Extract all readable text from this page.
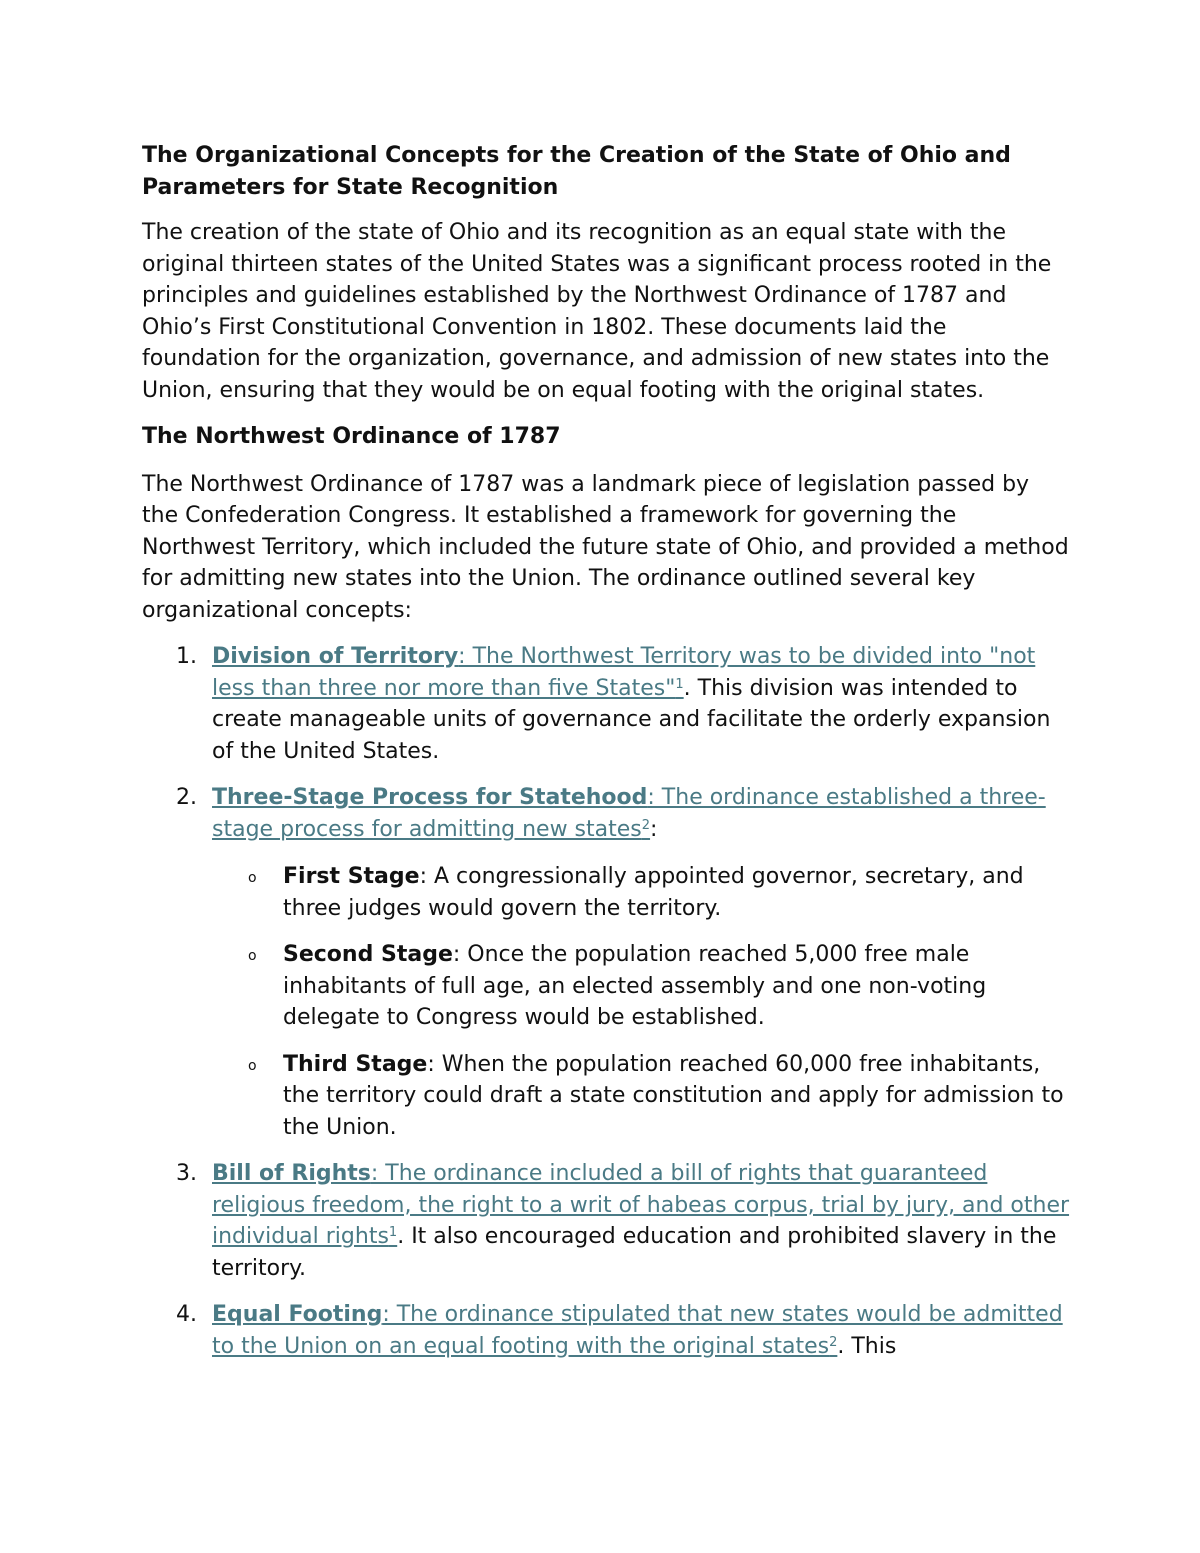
The Organizational Concepts for the Creation of the State of Ohio and Parameters for State Recognition

The creation of the state of Ohio and its recognition as an equal state with the original thirteen states of the United States was a significant process rooted in the principles and guidelines established by the Northwest Ordinance of 1787 and Ohio’s First Constitutional Convention in 1802. These documents laid the foundation for the organization, governance, and admission of new states into the Union, ensuring that they would be on equal footing with the original states.

The Northwest Ordinance of 1787

The Northwest Ordinance of 1787 was a landmark piece of legislation passed by the Confederation Congress. It established a framework for governing the Northwest Territory, which included the future state of Ohio, and provided a method for admitting new states into the Union. The ordinance outlined several key organizational concepts:

1. Division of Territory: The Northwest Territory was to be divided into "not less than three nor more than five States"$^1$. This division was intended to create manageable units of governance and facilitate the orderly expansion of the United States.
2. Three-Stage Process for Statehood: The ordinance established a three-stage process for admitting new states$^2$:
o First Stage: A congressionally appointed governor, secretary, and three judges would govern the territory.
o Second Stage: Once the population reached 5,000 free male inhabitants of full age, an elected assembly and one non-voting delegate to Congress would be established.
o Third Stage: When the population reached 60,000 free inhabitants, the territory could draft a state constitution and apply for admission to the Union.
3. Bill of Rights: The ordinance included a bill of rights that guaranteed religious freedom, the right to a writ of habeas corpus, trial by jury, and other individual rights$^1$. It also encouraged education and prohibited slavery in the territory.
4. Equal Footing: The ordinance stipulated that new states would be admitted to the Union on an equal footing with the original states$^2$. This
